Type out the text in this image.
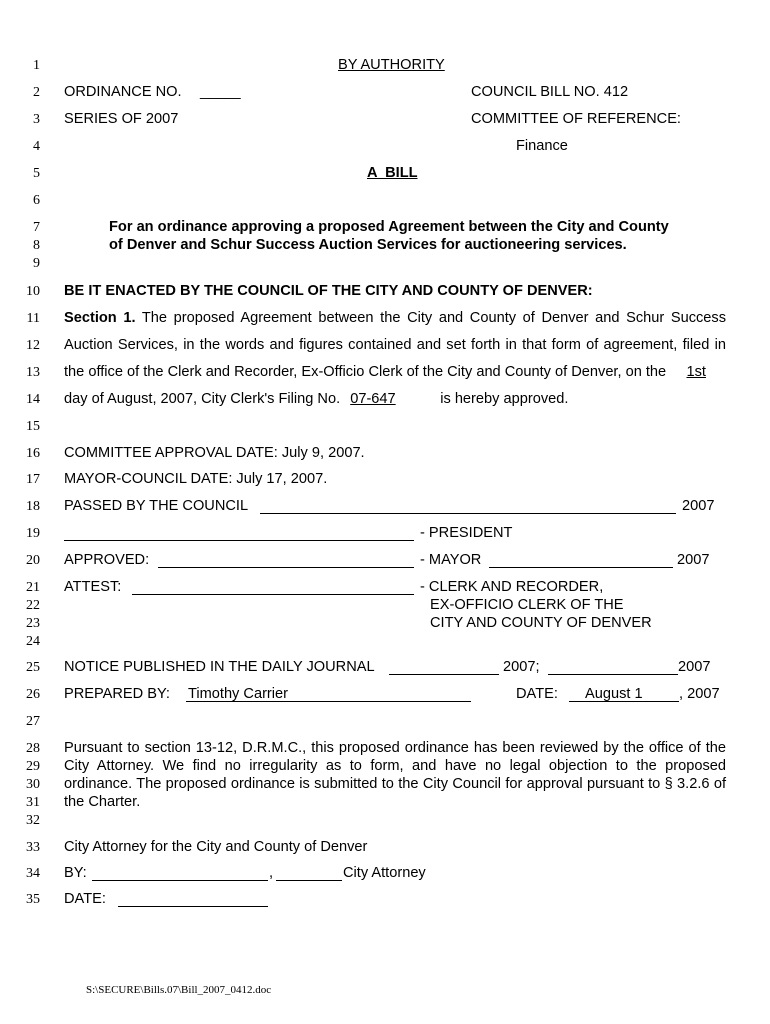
1
2
3
4
5
6
7
8
9
10
11
12
13
14
15
16
17
18
19
20
21
22
23
24
25
26
27
28
29
30
31
32
33
34
35
BY AUTHORITY
ORDINANCE NO. _____	COUNCIL BILL NO. 412
SERIES OF 2007	COMMITTEE OF REFERENCE:
Finance
A  BILL
For an ordinance approving a proposed Agreement between the City and County
of Denver and Schur Success Auction Services for auctioneering services.
BE IT ENACTED BY THE COUNCIL OF THE CITY AND COUNTY OF DENVER:
Section 1. The proposed Agreement between the City and County of Denver and Schur Success
Auction Services, in the words and figures contained and set forth in that form of agreement, filed in
the office of the Clerk and Recorder, Ex-Officio Clerk of the City and County of Denver, on the 1st
day of August, 2007, City Clerk's Filing No. 07-647	is hereby approved.
COMMITTEE APPROVAL DATE: July 9, 2007.
MAYOR-COUNCIL DATE: July 17, 2007.
PASSED BY THE COUNCIL	2007
- PRESIDENT
APPROVED:	- MAYOR	2007
ATTEST:	- CLERK AND RECORDER,
EX-OFFICIO CLERK OF THE
CITY AND COUNTY OF DENVER
NOTICE PUBLISHED IN THE DAILY JOURNAL	2007;	2007
PREPARED BY: Timothy Carrier	DATE: August 1 , 2007
Pursuant to section 13-12, D.R.M.C., this proposed ordinance has been reviewed by the office of the
City Attorney. We find no irregularity as to form, and have no legal objection to the proposed
ordinance. The proposed ordinance is submitted to the City Council for approval pursuant to § 3.2.6 of
the Charter.
City Attorney for the City and County of Denver
BY:	,	City Attorney
DATE:
S:\SECURE\Bills.07\Bill_2007_0412.doc
